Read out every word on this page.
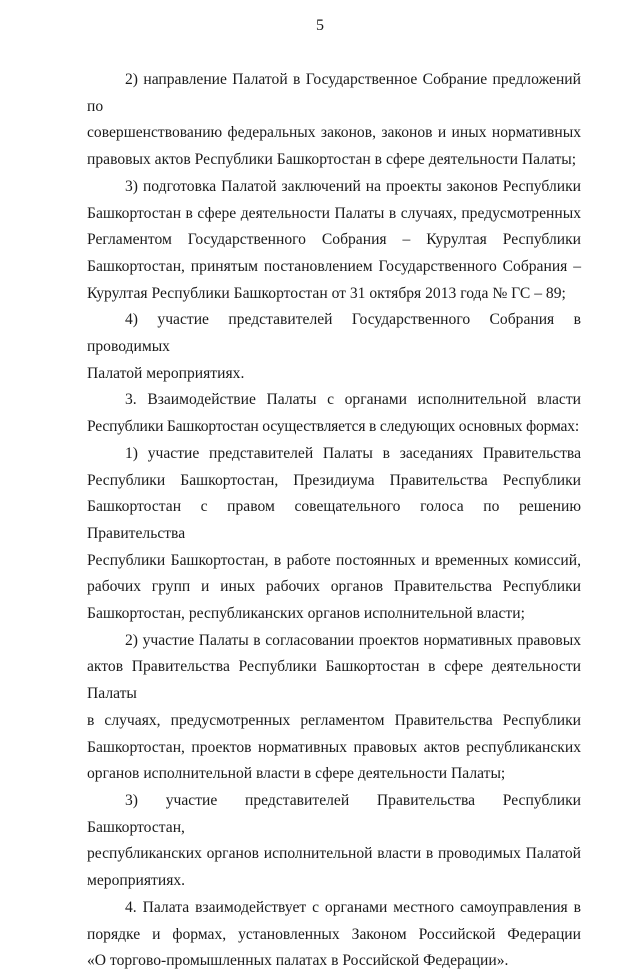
5

2) направление Палатой в Государственное Собрание предложений по
совершенствованию федеральных законов, законов и иных нормативных
правовых актов Республики Башкортостан в сфере деятельности Палаты;

3) подготовка Палатой заключений на проекты законов Республики
Башкортостан в сфере деятельности Палаты в случаях, предусмотренных
Регламентом Государственного Собрания – Курултая Республики
Башкортостан, принятым постановлением Государственного Собрания –
Курултая Республики Башкортостан от 31 октября 2013 года № ГС – 89;

4) участие представителей Государственного Собрания в проводимых
Палатой мероприятиях.

3. Взаимодействие Палаты с органами исполнительной власти
Республики Башкортостан осуществляется в следующих основных формах:

1) участие представителей Палаты в заседаниях Правительства
Республики Башкортостан, Президиума Правительства Республики
Башкортостан с правом совещательного голоса по решению Правительства
Республики Башкортостан, в работе постоянных и временных комиссий,
рабочих групп и иных рабочих органов Правительства Республики
Башкортостан, республиканских органов исполнительной власти;

2) участие Палаты в согласовании проектов нормативных правовых
актов Правительства Республики Башкортостан в сфере деятельности Палаты
в случаях, предусмотренных регламентом Правительства Республики
Башкортостан, проектов нормативных правовых актов республиканских
органов исполнительной власти в сфере деятельности Палаты;

3) участие представителей Правительства Республики Башкортостан,
республиканских органов исполнительной власти в проводимых Палатой
мероприятиях.

4. Палата взаимодействует с органами местного самоуправления в
порядке и формах, установленных Законом Российской Федерации
«О торгово-промышленных палатах в Российской Федерации».
